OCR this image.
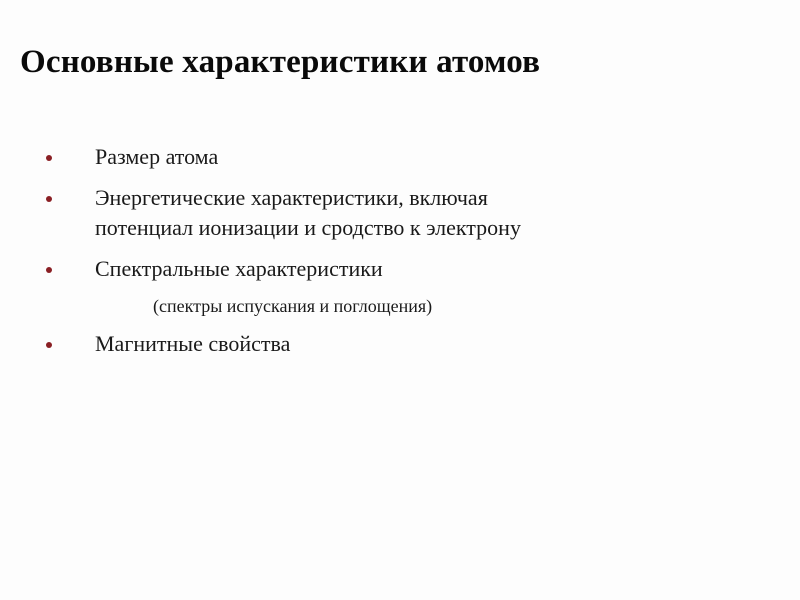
Основные характеристики атомов
Размер атома
Энергетические характеристики, включая
потенциал ионизации и сродство к электрону
Спектральные характеристики
(спектры испускания и поглощения)
Магнитные свойства
